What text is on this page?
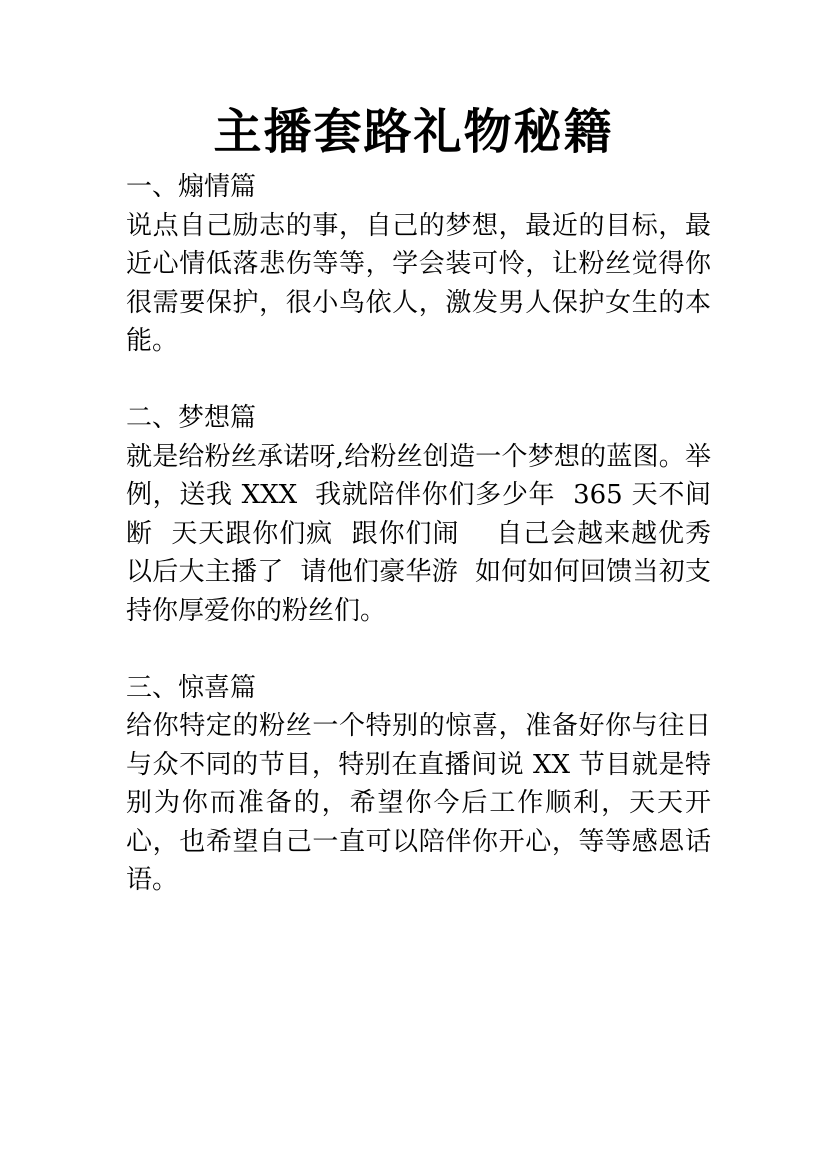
主播套路礼物秘籍
一、煽情篇

说点自己励志的事，自己的梦想，最近的目标，最近心情低落悲伤等等，学会装可怜，让粉丝觉得你很需要保护，很小鸟依人，激发男人保护女生的本能。

二、梦想篇

就是给粉丝承诺呀,给粉丝创造一个梦想的蓝图。举例，送我 XXX  我就陪伴你们多少年  365 天不间断  天天跟你们疯  跟你们闹    自己会越来越优秀  以后大主播了  请他们豪华游  如何如何回馈当初支持你厚爱你的粉丝们。

三、惊喜篇

给你特定的粉丝一个特别的惊喜，准备好你与往日与众不同的节目，特别在直播间说 XX 节目就是特别为你而准备的，希望你今后工作顺利，天天开心，也希望自己一直可以陪伴你开心，等等感恩话语。
